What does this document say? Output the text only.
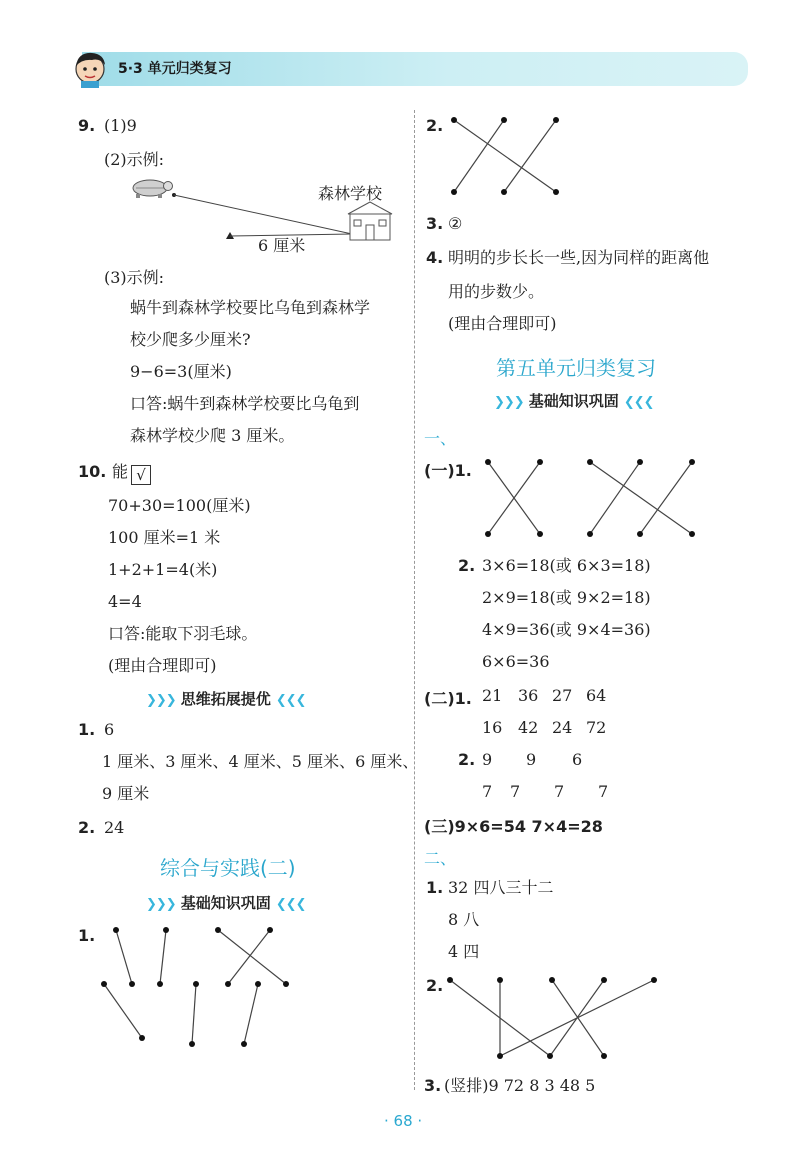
5·3 单元归类复习
9. (1)9
(2)示例:
森林学校
6 厘米
(3)示例:
蜗牛到森林学校要比乌龟到森林学
校少爬多少厘米?
9−6=3(厘米)
口答:蜗牛到森林学校要比乌龟到
森林学校少爬 3 厘米。
10. 能 √
70+30=100(厘米)
100 厘米=1 米
1+2+1=4(米)
4=4
口答:能取下羽毛球。
(理由合理即可)
❯❯❯ 思维拓展提优 ❮❮❮
1. 6
1 厘米、3 厘米、4 厘米、5 厘米、6 厘米、
9 厘米
2. 24
综合与实践(二)
❯❯❯ 基础知识巩固 ❮❮❮
1.
2.
3. ②
4. 明明的步长长一些,因为同样的距离他
用的步数少。
(理由合理即可)
第五单元归类复习
❯❯❯ 基础知识巩固 ❮❮❮
一、
(一)1.
2. 3×6=18(或 6×3=18)
2×9=18(或 9×2=18)
4×9=36(或 9×4=36)
6×6=36
(二)1. 21 36 27 64
16 42 24 72
2. 9 9 6
7 7 7 7
(三)9×6=54 7×4=28
二、
1. 32 四八三十二
8 八
4 四
2.
3. (竖排)9 72 8 3 48 5
· 68 ·
